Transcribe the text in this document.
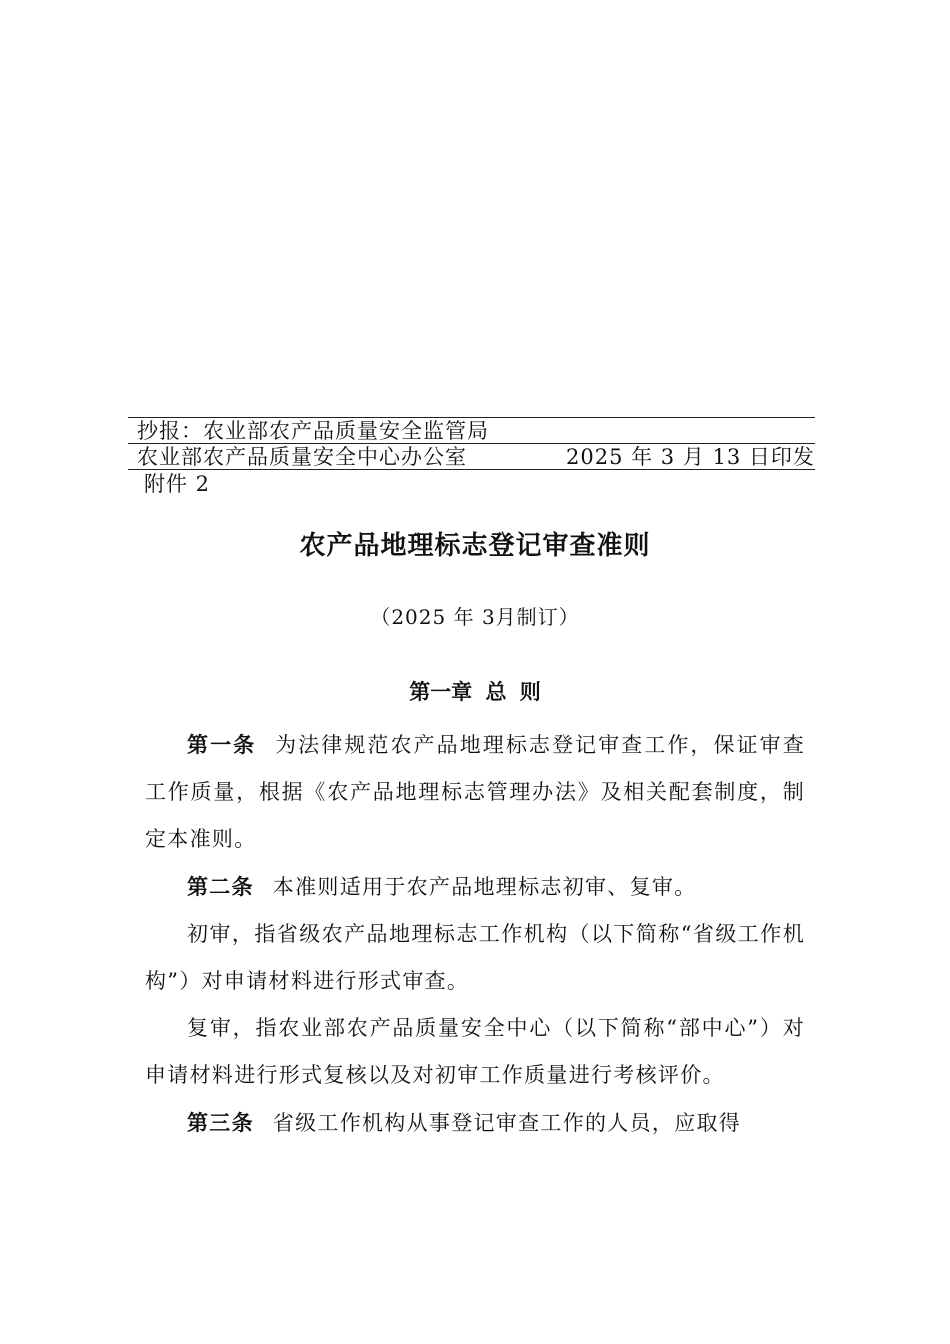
抄报：农业部农产品质量安全监管局
农业部农产品质量安全中心办公室	2025 年 3 月 13 日印发
附件 2
农产品地理标志登记审查准则
（2025 年 3月制订）
第一章 总 则

第一条 为法律规范农产品地理标志登记审查工作，保证审查工作质量，根据《农产品地理标志管理办法》及相关配套制度，制定本准则。

第二条 本准则适用于农产品地理标志初审、复审。

初审，指省级农产品地理标志工作机构（以下简称“省级工作机构”）对申请材料进行形式审查。

复审，指农业部农产品质量安全中心（以下简称“部中心”）对申请材料进行形式复核以及对初审工作质量进行考核评价。

第三条 省级工作机构从事登记审查工作的人员，应取得
